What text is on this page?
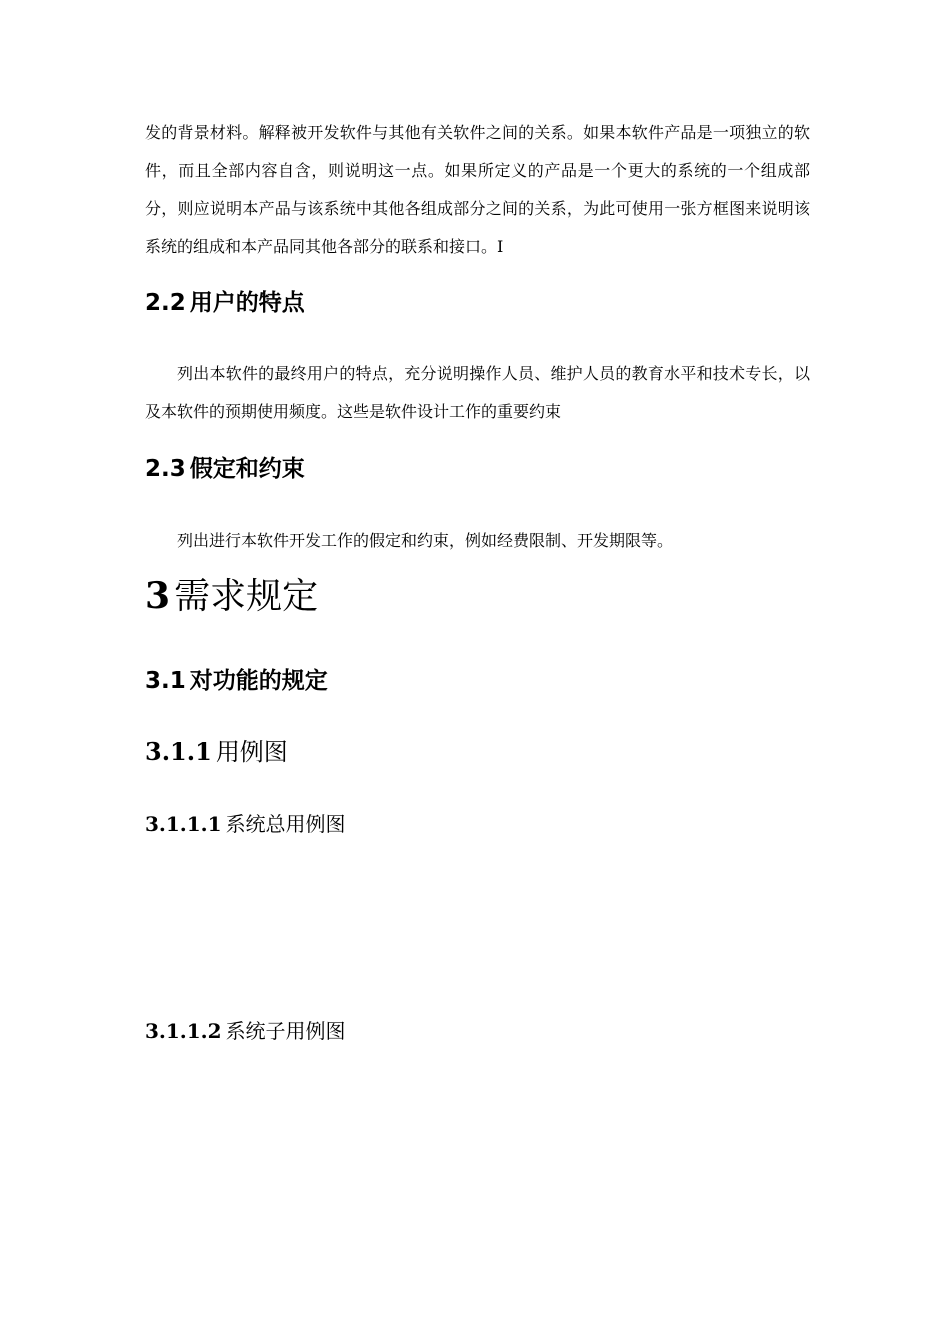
发的背景材料。解释被开发软件与其他有关软件之间的关系。如果本软件产品是一项独立的软件，而且全部内容自含，则说明这一点。如果所定义的产品是一个更大的系统的一个组成部分，则应说明本产品与该系统中其他各组成部分之间的关系，为此可使用一张方框图来说明该系统的组成和本产品同其他各部分的联系和接口。I

2.2 用户的特点

列出本软件的最终用户的特点，充分说明操作人员、维护人员的教育水平和技术专长，以及本软件的预期使用频度。这些是软件设计工作的重要约束

2.3 假定和约束

列出进行本软件开发工作的假定和约束，例如经费限制、开发期限等。

3 需求规定
3.1 对功能的规定
3.1.1 用例图
3.1.1.1 系统总用例图
3.1.1.2 系统子用例图
